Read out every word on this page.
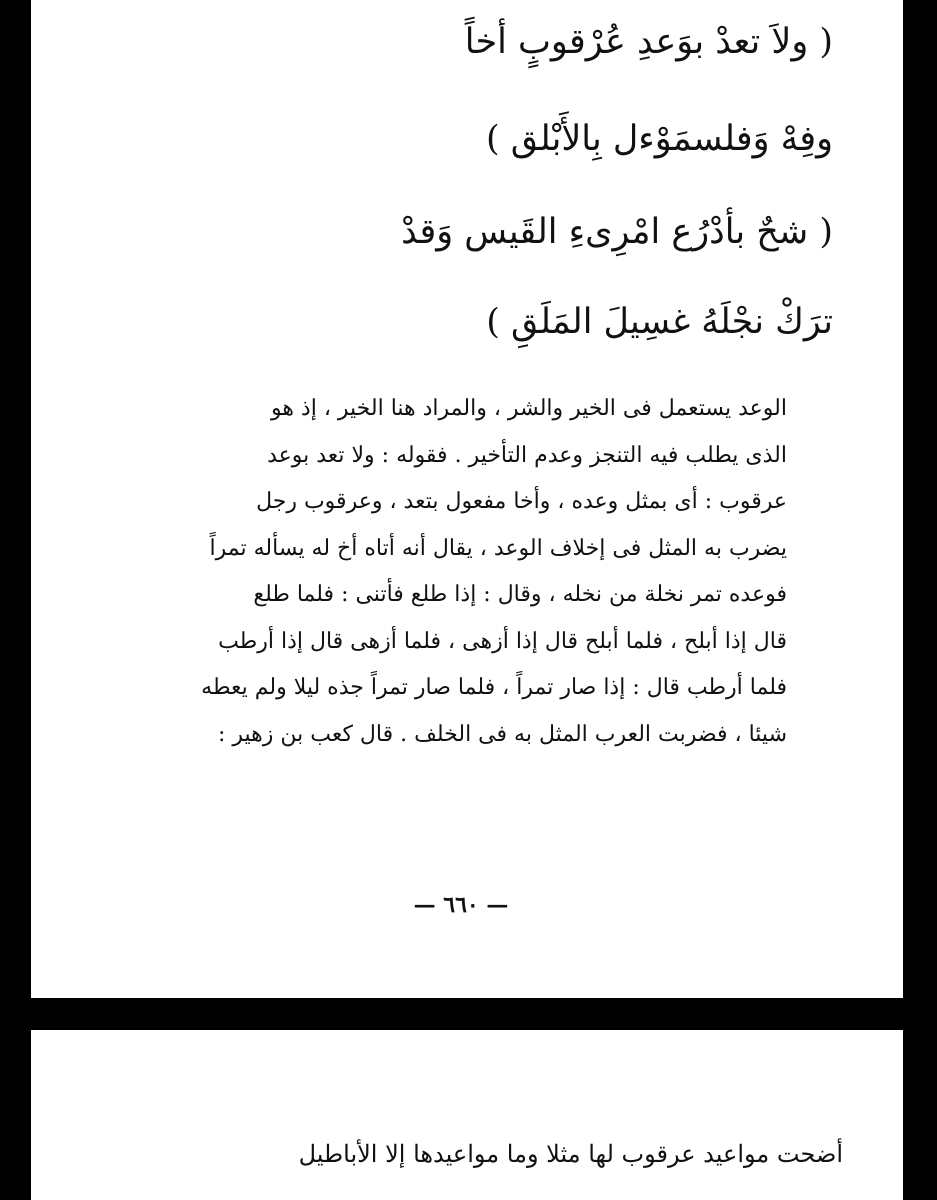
( ولاَ تعدْ بوَعدِ عُرْقوبٍ أخاً
وفِهْ وَفلسمَوْءل بِالأَبْلق )
( شحٌ بأدْرُع امْرِىءِ القَيس وَقدْ
ترَكْ نجْلَهُ غسِيلَ المَلَقِ )
الوعد يستعمل فى الخير والشر ، والمراد هنا الخير ، إذ هو
الذى يطلب فيه التنجز وعدم التأخير . فقوله : ولا تعد بوعد
عرقوب : أى بمثل وعده ، وأخا مفعول بتعد ، وعرقوب رجل
يضرب به المثل فى إخلاف الوعد ، يقال أنه أتاه أخ له يسأله تمراً
فوعده تمر نخلة من نخله ، وقال : إذا طلع فأتنى : فلما طلع
قال إذا أبلح ، فلما أبلح قال إذا أزهى ، فلما أزهى قال إذا أرطب
فلما أرطب قال : إذا صار تمراً ، فلما صار تمراً جذه ليلا ولم يعطه
شيئا ، فضربت العرب المثل به فى الخلف . قال كعب بن زهير :
— ٦٦٠ —
أضحت مواعيد عرقوب لها مثلا وما مواعيدها إلا الأباطيل
